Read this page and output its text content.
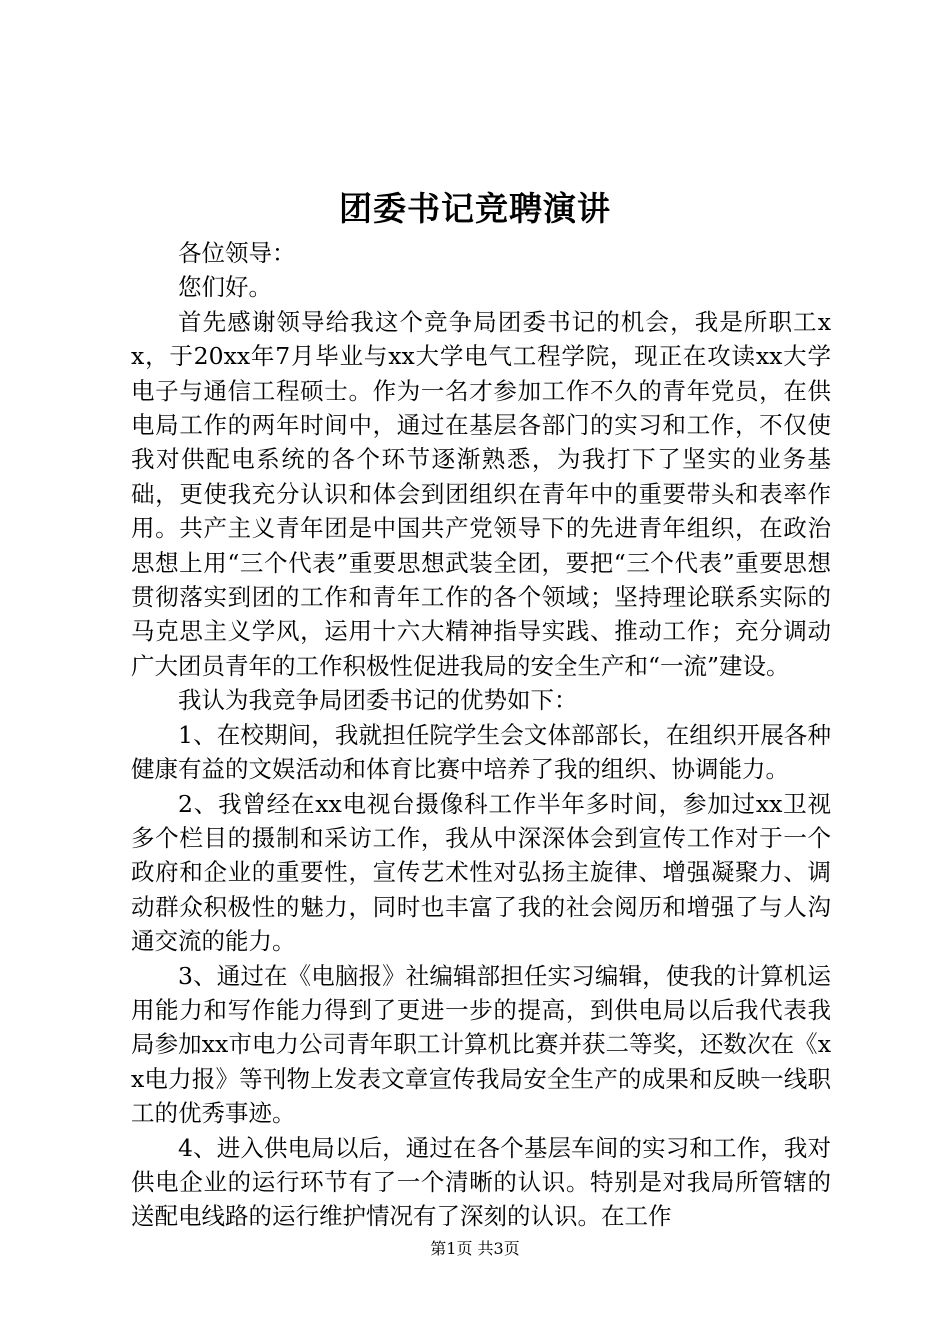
团委书记竞聘演讲

各位领导：

您们好。

首先感谢领导给我这个竞争局团委书记的机会，我是所职工xx，于20xx年7月毕业与xx大学电气工程学院，现正在攻读xx大学电子与通信工程硕士。作为一名才参加工作不久的青年党员，在供电局工作的两年时间中，通过在基层各部门的实习和工作，不仅使我对供配电系统的各个环节逐渐熟悉，为我打下了坚实的业务基础，更使我充分认识和体会到团组织在青年中的重要带头和表率作用。共产主义青年团是中国共产党领导下的先进青年组织，在政治思想上用“三个代表”重要思想武装全团，要把“三个代表”重要思想贯彻落实到团的工作和青年工作的各个领域；坚持理论联系实际的马克思主义学风，运用十六大精神指导实践、推动工作；充分调动广大团员青年的工作积极性促进我局的安全生产和“一流”建设。

我认为我竞争局团委书记的优势如下：

1、在校期间，我就担任院学生会文体部部长，在组织开展各种健康有益的文娱活动和体育比赛中培养了我的组织、协调能力。

2、我曾经在xx电视台摄像科工作半年多时间，参加过xx卫视多个栏目的摄制和采访工作，我从中深深体会到宣传工作对于一个政府和企业的重要性，宣传艺术性对弘扬主旋律、增强凝聚力、调动群众积极性的魅力，同时也丰富了我的社会阅历和增强了与人沟通交流的能力。

3、通过在《电脑报》社编辑部担任实习编辑，使我的计算机运用能力和写作能力得到了更进一步的提高，到供电局以后我代表我局参加xx市电力公司青年职工计算机比赛并获二等奖，还数次在《xx电力报》等刊物上发表文章宣传我局安全生产的成果和反映一线职工的优秀事迹。

4、进入供电局以后，通过在各个基层车间的实习和工作，我对供电企业的运行环节有了一个清晰的认识。特别是对我局所管辖的送配电线路的运行维护情况有了深刻的认识。在工作

第1页 共3页
